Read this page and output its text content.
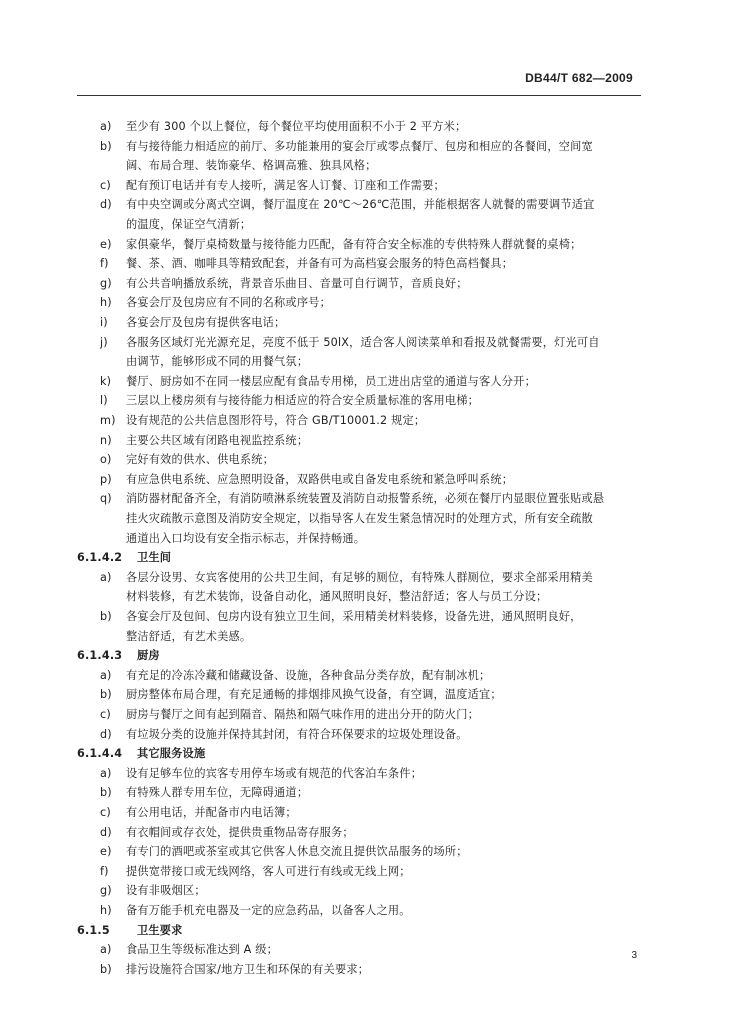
DB44/T 682—2009
a) 至少有 300 个以上餐位，每个餐位平均使用面积不小于 2 平方米；
b) 有与接待能力相适应的前厅、多功能兼用的宴会厅或零点餐厅、包房和相应的各餐间，空间宽
阔、布局合理、装饰豪华、格调高雅、独具风格；
c) 配有预订电话并有专人接听，满足客人订餐、订座和工作需要；
d) 有中央空调或分离式空调，餐厅温度在 20℃～26℃范围，并能根据客人就餐的需要调节适宜
的温度，保证空气清新；
e) 家俱豪华，餐厅桌椅数量与接待能力匹配，备有符合安全标准的专供特殊人群就餐的桌椅；
f) 餐、茶、酒、咖啡具等精致配套，并备有可为高档宴会服务的特色高档餐具；
g) 有公共音响播放系统，背景音乐曲目、音量可自行调节，音质良好；
h) 各宴会厅及包房应有不同的名称或序号；
i) 各宴会厅及包房有提供客电话；
j) 各服务区域灯光光源充足，亮度不低于 50lX，适合客人阅读菜单和看报及就餐需要，灯光可自
由调节，能够形成不同的用餐气氛；
k) 餐厅、厨房如不在同一楼层应配有食品专用梯，员工进出店堂的通道与客人分开；
l) 三层以上楼房须有与接待能力相适应的符合安全质量标准的客用电梯；
m) 设有规范的公共信息图形符号，符合 GB/T10001.2 规定；
n) 主要公共区域有闭路电视监控系统；
o) 完好有效的供水、供电系统；
p) 有应急供电系统、应急照明设备，双路供电或自备发电系统和紧急呼叫系统；
q) 消防器材配备齐全，有消防喷淋系统装置及消防自动报警系统，必须在餐厅内显眼位置张贴或悬
挂火灾疏散示意图及消防安全规定，以指导客人在发生紧急情况时的处理方式，所有安全疏散
通道出入口均设有安全指示标志，并保持畅通。
6.1.4.2 卫生间
a) 各层分设男、女宾客使用的公共卫生间，有足够的厕位，有特殊人群厕位，要求全部采用精美
材料装修，有艺术装饰，设备自动化，通风照明良好，整洁舒适；客人与员工分设；
b) 各宴会厅及包间、包房内设有独立卫生间，采用精美材料装修，设备先进，通风照明良好，
整洁舒适，有艺术美感。
6.1.4.3 厨房
a) 有充足的冷冻冷藏和储藏设备、设施，各种食品分类存放，配有制冰机；
b) 厨房整体布局合理，有充足通畅的排烟排风换气设备，有空调，温度适宜；
c) 厨房与餐厅之间有起到隔音、隔热和隔气味作用的进出分开的防火门；
d) 有垃圾分类的设施并保持其封闭，有符合环保要求的垃圾处理设备。
6.1.4.4 其它服务设施
a) 设有足够车位的宾客专用停车场或有规范的代客泊车条件；
b) 有特殊人群专用车位，无障碍通道；
c) 有公用电话，并配备市内电话簿；
d) 有衣帽间或存衣处，提供贵重物品寄存服务；
e) 有专门的酒吧或茶室或其它供客人休息交流且提供饮品服务的场所；
f) 提供宽带接口或无线网络，客人可进行有线或无线上网；
g) 设有非吸烟区；
h) 备有万能手机充电器及一定的应急药品，以备客人之用。
6.1.5 卫生要求
a) 食品卫生等级标准达到 A 级；
b) 排污设施符合国家/地方卫生和环保的有关要求；
3
